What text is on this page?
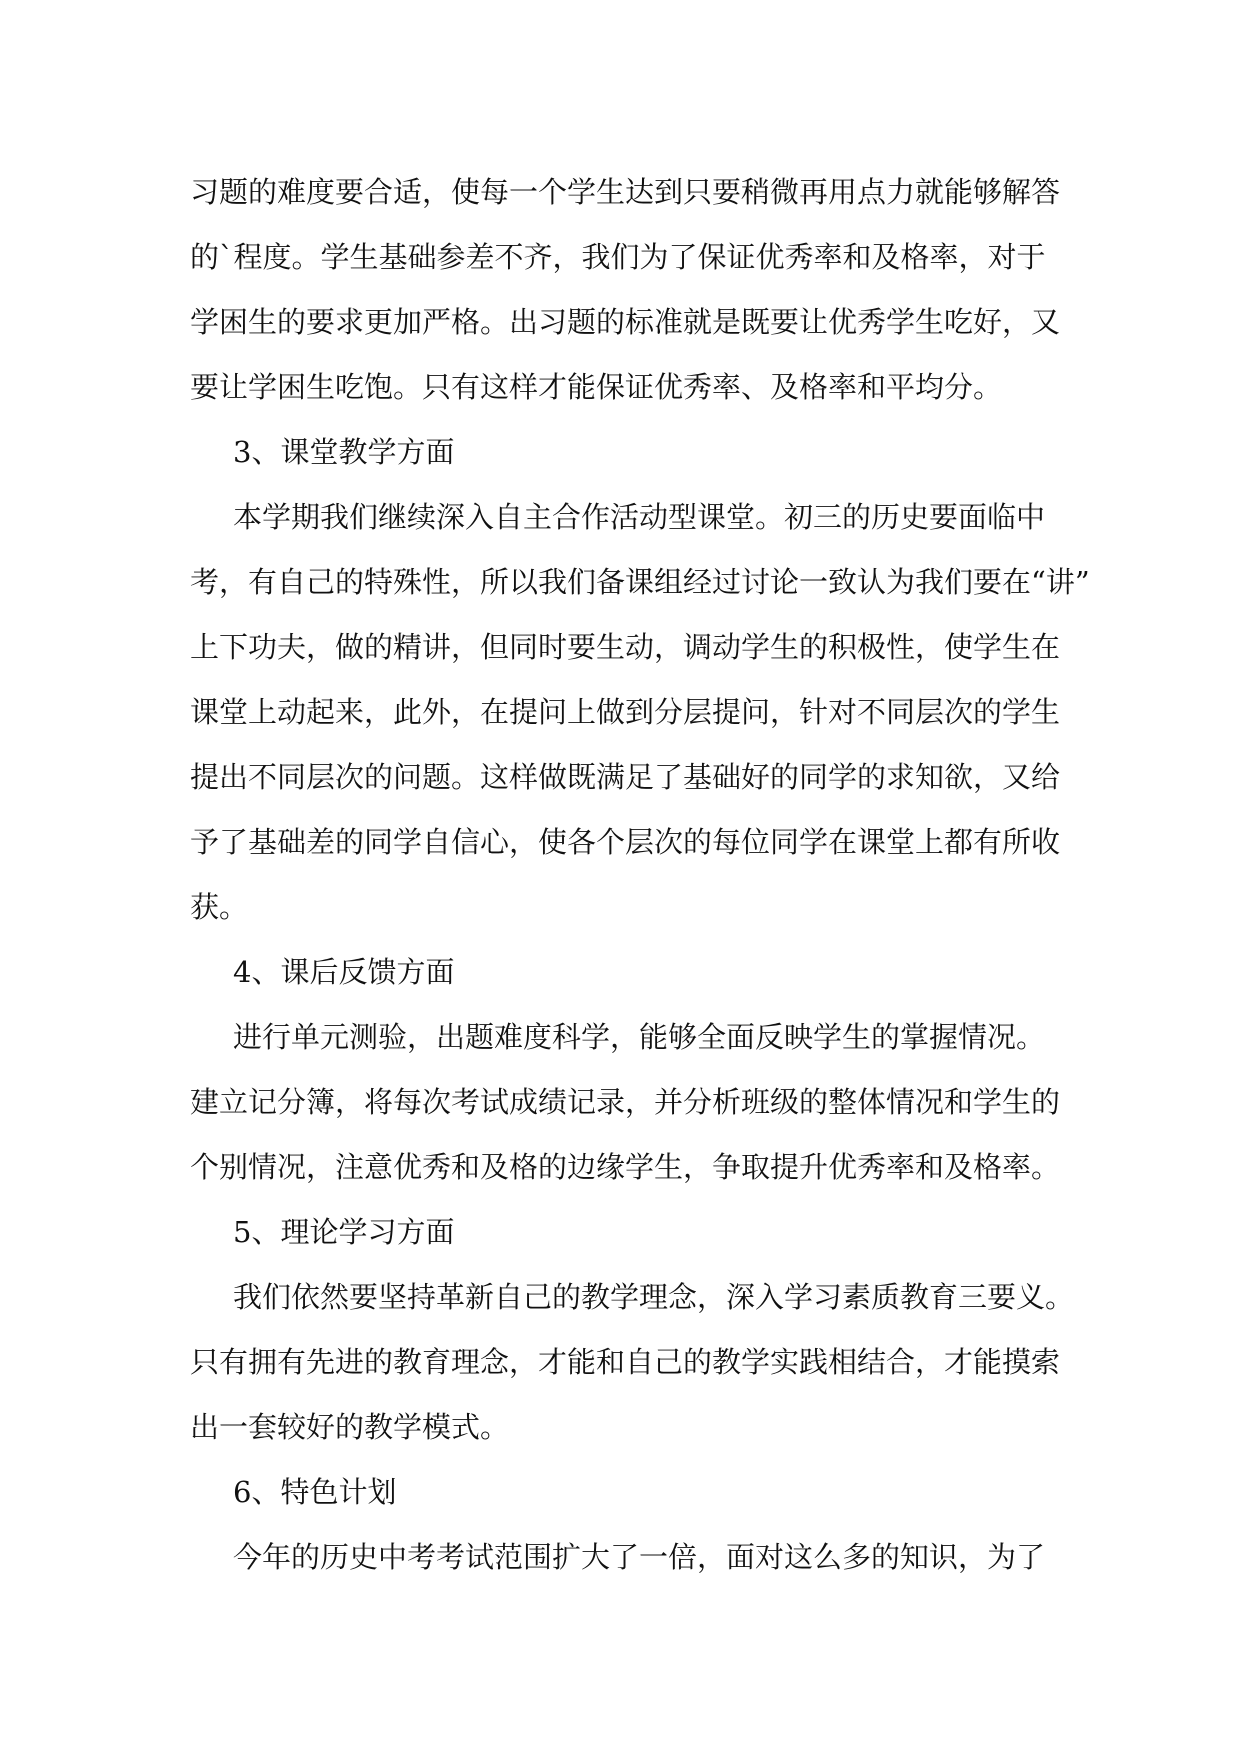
习题的难度要合适，使每一个学生达到只要稍微再用点力就能够解答
的`程度。学生基础参差不齐，我们为了保证优秀率和及格率，对于
学困生的要求更加严格。出习题的标准就是既要让优秀学生吃好，又
要让学困生吃饱。只有这样才能保证优秀率、及格率和平均分。
3、课堂教学方面
本学期我们继续深入自主合作活动型课堂。初三的历史要面临中
考，有自己的特殊性，所以我们备课组经过讨论一致认为我们要在“讲”
上下功夫，做的精讲，但同时要生动，调动学生的积极性，使学生在
课堂上动起来，此外，在提问上做到分层提问，针对不同层次的学生
提出不同层次的问题。这样做既满足了基础好的同学的求知欲，又给
予了基础差的同学自信心，使各个层次的每位同学在课堂上都有所收
获。
4、课后反馈方面
进行单元测验，出题难度科学，能够全面反映学生的掌握情况。
建立记分簿，将每次考试成绩记录，并分析班级的整体情况和学生的
个别情况，注意优秀和及格的边缘学生，争取提升优秀率和及格率。
5、理论学习方面
我们依然要坚持革新自己的教学理念，深入学习素质教育三要义。
只有拥有先进的教育理念，才能和自己的教学实践相结合，才能摸索
出一套较好的教学模式。
6、特色计划
今年的历史中考考试范围扩大了一倍，面对这么多的知识，为了
